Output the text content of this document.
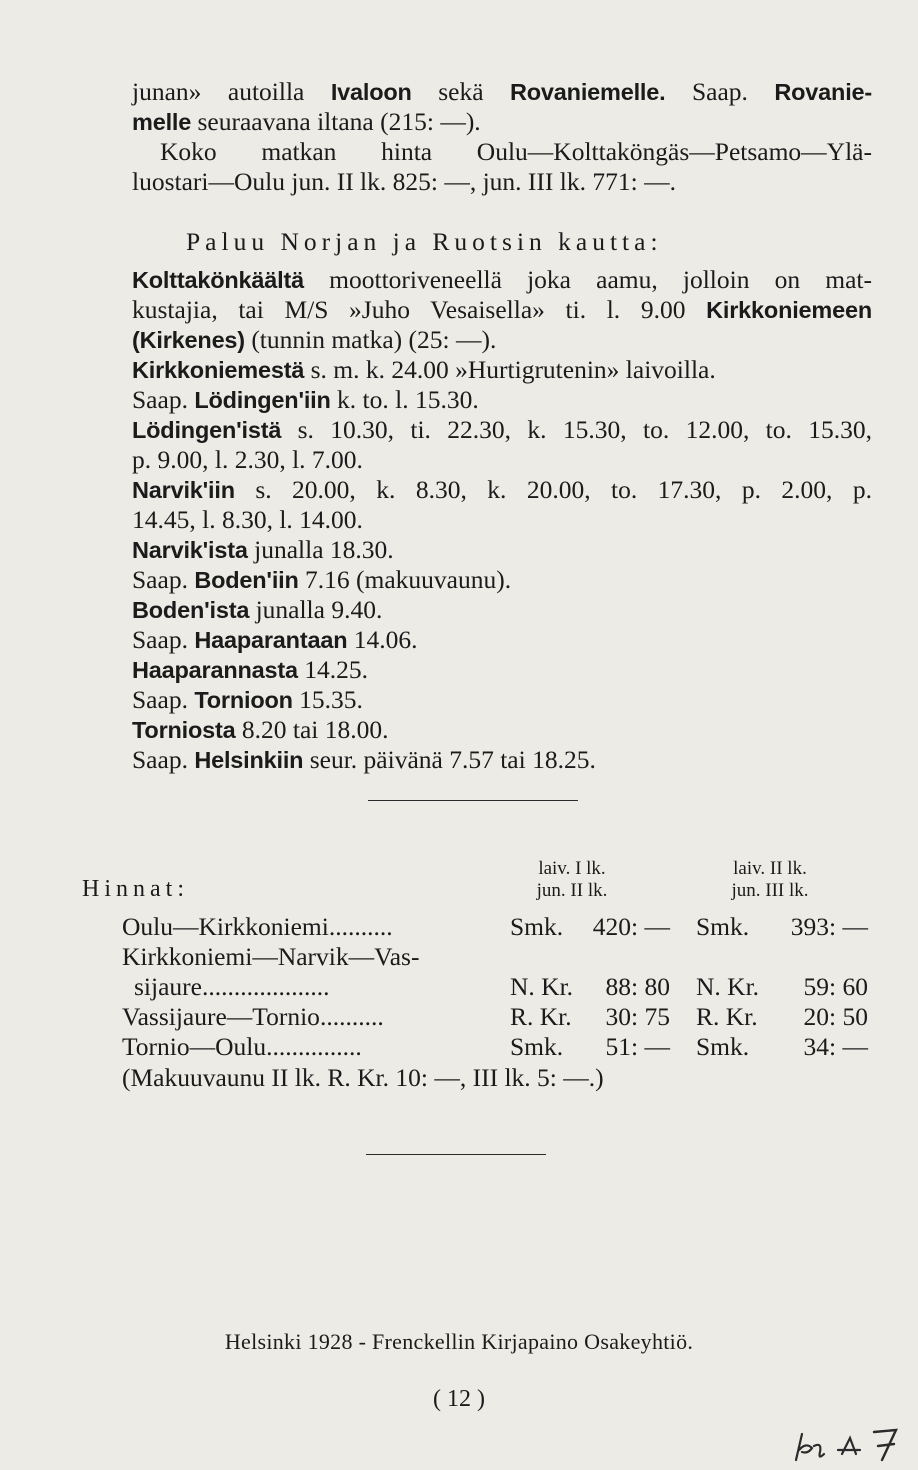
junan» autoilla Ivaloon sekä Rovaniemelle. Saap. Rovanie-
melle seuraavana iltana (215: —).
Koko matkan hinta Oulu—Kolttaköngäs—Petsamo—Ylä-
luostari—Oulu jun. II lk. 825: —, jun. III lk. 771: —.
Paluu Norjan ja Ruotsin kautta:
Kolttakönkäältä moottoriveneellä joka aamu, jolloin on mat-
kustajia, tai M/S »Juho Vesaisella» ti. l. 9.00 Kirkkoniemeen
(Kirkenes) (tunnin matka) (25: —).
Kirkkoniemestä s. m. k. 24.00 »Hurtigrutenin» laivoilla.
Saap. Lödingen'iin k. to. l. 15.30.
Lödingen'istä s. 10.30, ti. 22.30, k. 15.30, to. 12.00, to. 15.30,
p. 9.00, l. 2.30, l. 7.00.
Narvik'iin s. 20.00, k. 8.30, k. 20.00, to. 17.30, p. 2.00, p.
14.45, l. 8.30, l. 14.00.
Narvik'ista junalla 18.30.
Saap. Boden'iin 7.16 (makuuvaunu).
Boden'ista junalla 9.40.
Saap. Haaparantaan 14.06.
Haaparannasta 14.25.
Saap. Tornioon 15.35.
Torniosta 8.20 tai 18.00.
Saap. Helsinkiin seur. päivänä 7.57 tai 18.25.
Hinnat:
laiv. I lk.
jun. II lk.
laiv. II lk.
jun. III lk.
Oulu—Kirkkoniemi..........	Smk. 420: — Smk. 393: —
Kirkkoniemi—Narvik—Vas-
sijaure....................	N. Kr. 88: 80 N. Kr. 59: 60
Vassijaure—Tornio..........	R. Kr. 30: 75 R. Kr. 20: 50
Tornio—Oulu...............	Smk. 51: — Smk. 34: —
(Makuuvaunu II lk. R. Kr. 10: —, III lk. 5: —.)
Helsinki 1928 - Frenckellin Kirjapaino Osakeyhtiö.
( 12 )
